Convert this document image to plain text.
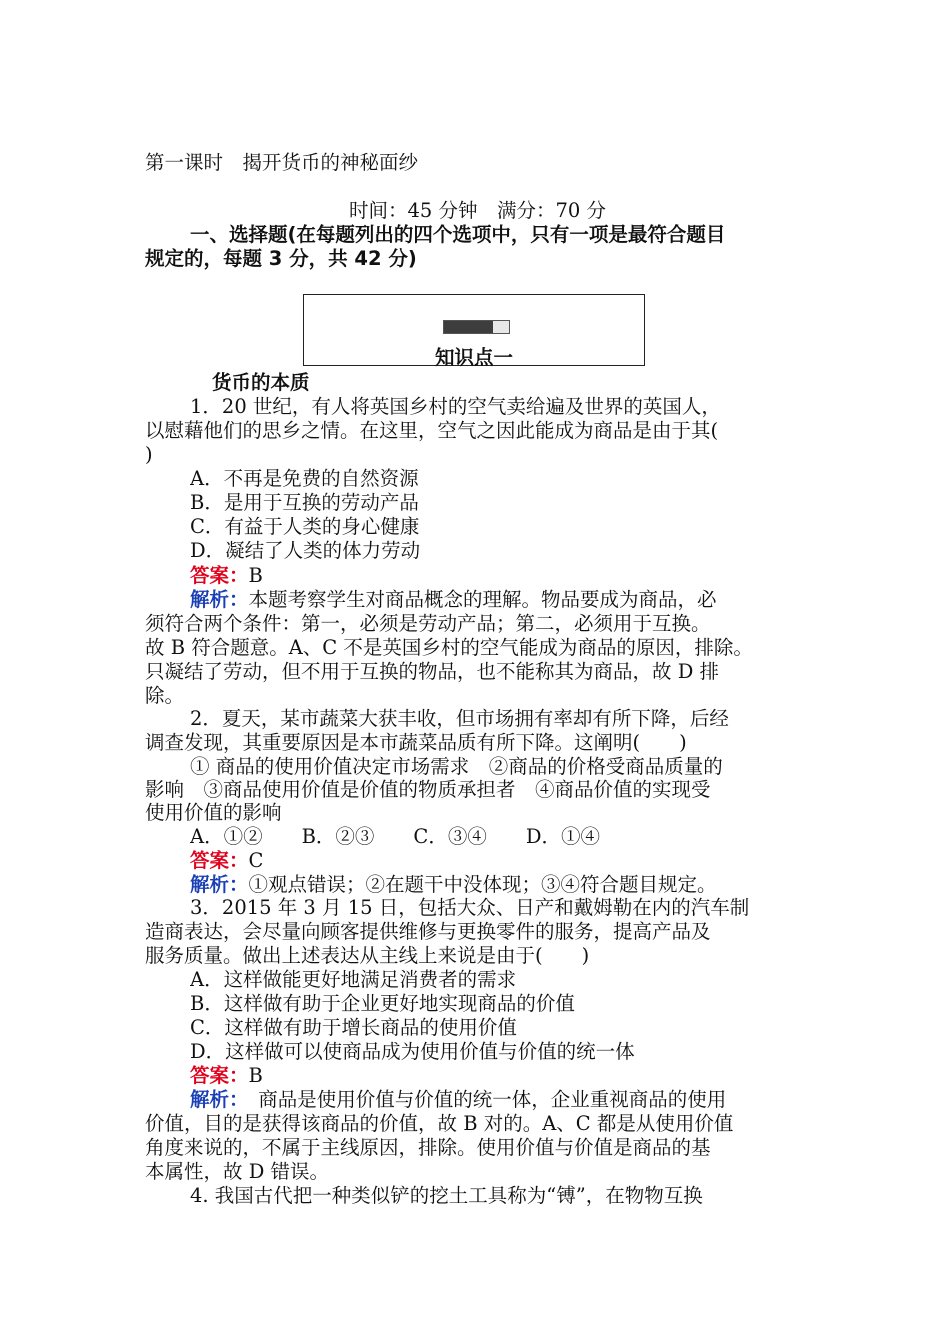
第一课时　揭开货币的神秘面纱
时间：45 分钟　满分：70 分
一、选择题(在每题列出的四个选项中，只有一项是最符合题目
规定的，每题 3 分，共 42 分)
知识点一
货币的本质
1．20 世纪，有人将英国乡村的空气卖给遍及世界的英国人，
以慰藉他们的思乡之情。在这里，空气之因此能成为商品是由于其(
)
A．不再是免费的自然资源
B．是用于互换的劳动产品
C．有益于人类的身心健康
D．凝结了人类的体力劳动
答案：B
解析：本题考察学生对商品概念的理解。物品要成为商品，必
须符合两个条件：第一，必须是劳动产品；第二，必须用于互换。
故 B 符合题意。A、C 不是英国乡村的空气能成为商品的原因，排除。
只凝结了劳动，但不用于互换的物品，也不能称其为商品，故 D 排
除。
2．夏天，某市蔬菜大获丰收，但市场拥有率却有所下降，后经
调查发现，其重要原因是本市蔬菜品质有所下降。这阐明(　　)
① 商品的使用价值决定市场需求　②商品的价格受商品质量的
影响　③商品使用价值是价值的物质承担者　④商品价值的实现受
使用价值的影响
A．①②　　B．②③　　C．③④　　D．①④
答案：C
解析：①观点错误；②在题干中没体现；③④符合题目规定。
3．2015 年 3 月 15 日，包括大众、日产和戴姆勒在内的汽车制
造商表达，会尽量向顾客提供维修与更换零件的服务，提高产品及
服务质量。做出上述表达从主线上来说是由于(　　)
A．这样做能更好地满足消费者的需求
B．这样做有助于企业更好地实现商品的价值
C．这样做有助于增长商品的使用价值
D．这样做可以使商品成为使用价值与价值的统一体
答案：B
解析：　商品是使用价值与价值的统一体，企业重视商品的使用
价值，目的是获得该商品的价值，故 B 对的。A、C 都是从使用价值
角度来说的，不属于主线原因，排除。使用价值与价值是商品的基
本属性，故 D 错误。
4. 我国古代把一种类似铲的挖土工具称为“镈”，在物物互换
